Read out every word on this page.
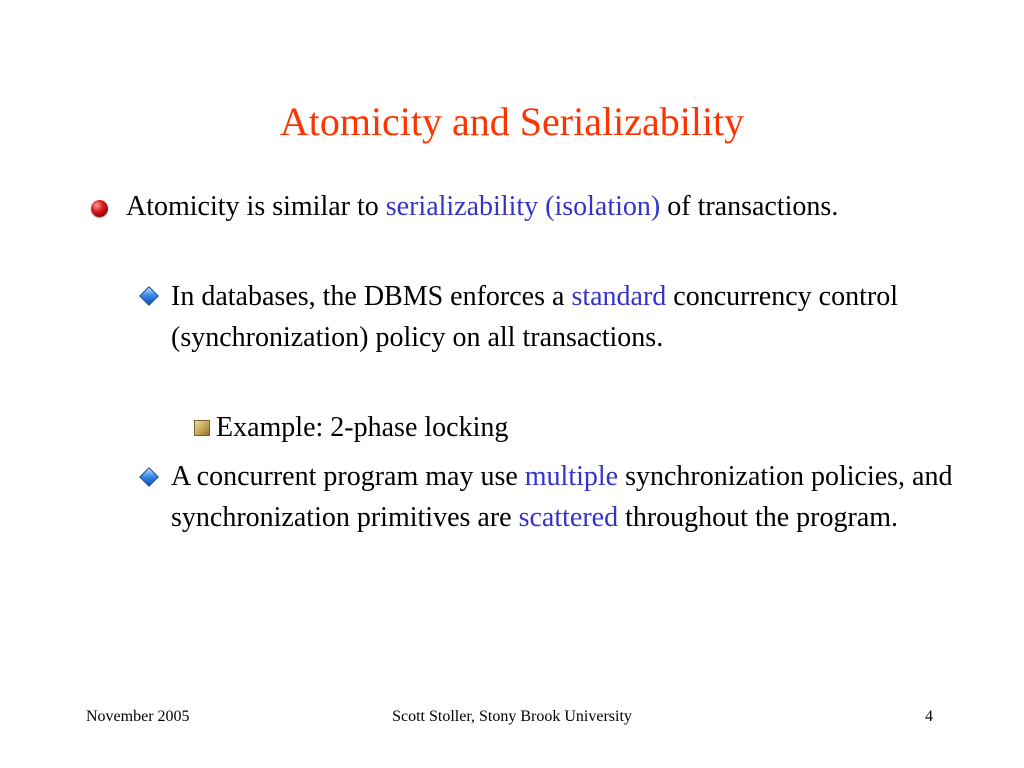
Atomicity and Serializability

Atomicity is similar to serializability (isolation) of transactions.

In databases, the DBMS enforces a standard concurrency control (synchronization) policy on all transactions.

Example: 2-phase locking

A concurrent program may use multiple synchronization policies, and synchronization primitives are scattered throughout the program.

November 2005	Scott Stoller, Stony Brook University	4
